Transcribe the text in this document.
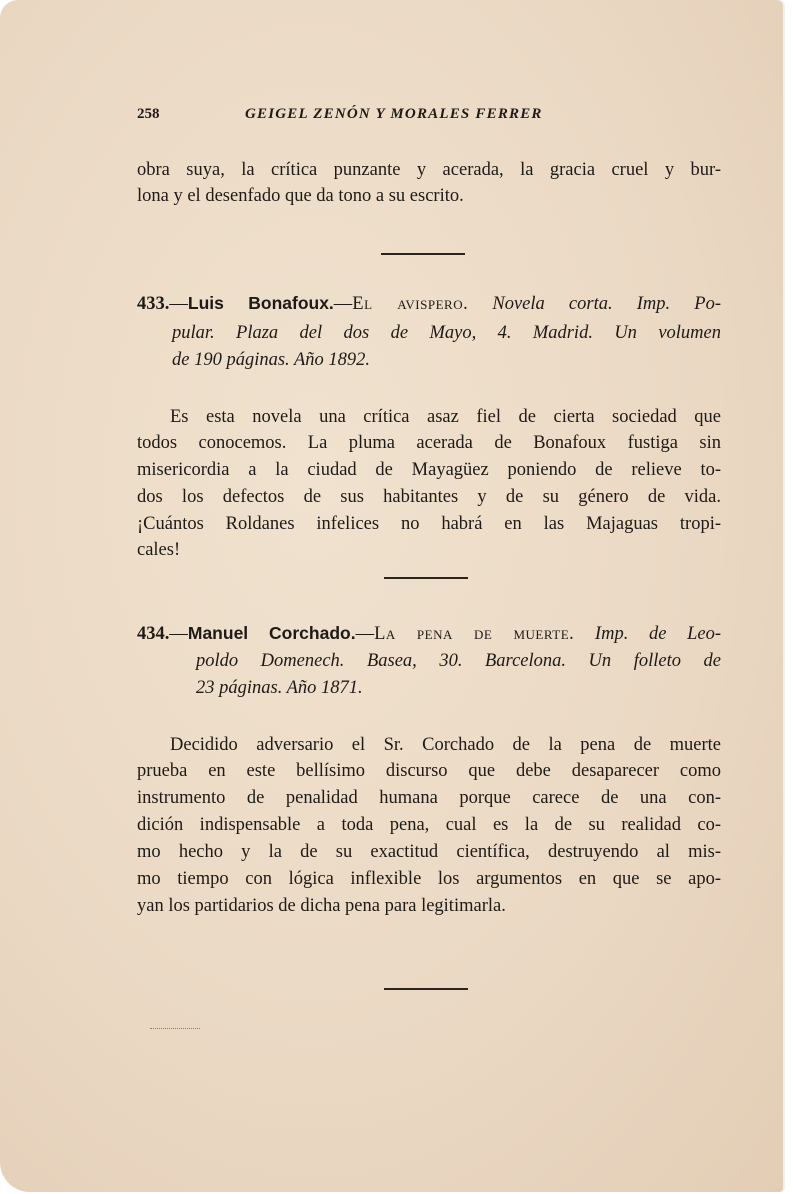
258	GEIGEL ZENÓN Y MORALES FERRER
obra suya, la crítica punzante y acerada, la gracia cruel y bur-
lona y el desenfado que da tono a su escrito.
433.—Luis Bonafoux.—El avispero. Novela corta. Imp. Po-
pular. Plaza del dos de Mayo, 4. Madrid. Un volumen
de 190 páginas. Año 1892.
Es esta novela una crítica asaz fiel de cierta sociedad que
todos conocemos. La pluma acerada de Bonafoux fustiga sin
misericordia a la ciudad de Mayagüez poniendo de relieve to-
dos los defectos de sus habitantes y de su género de vida.
¡Cuántos Roldanes infelices no habrá en las Majaguas tropi-
cales!
434.—Manuel Corchado.—La pena de muerte. Imp. de Leo-
poldo Domenech. Basea, 30. Barcelona. Un folleto de
23 páginas. Año 1871.
Decidido adversario el Sr. Corchado de la pena de muerte
prueba en este bellísimo discurso que debe desaparecer como
instrumento de penalidad humana porque carece de una con-
dición indispensable a toda pena, cual es la de su realidad co-
mo hecho y la de su exactitud científica, destruyendo al mis-
mo tiempo con lógica inflexible los argumentos en que se apo-
yan los partidarios de dicha pena para legitimarla.
